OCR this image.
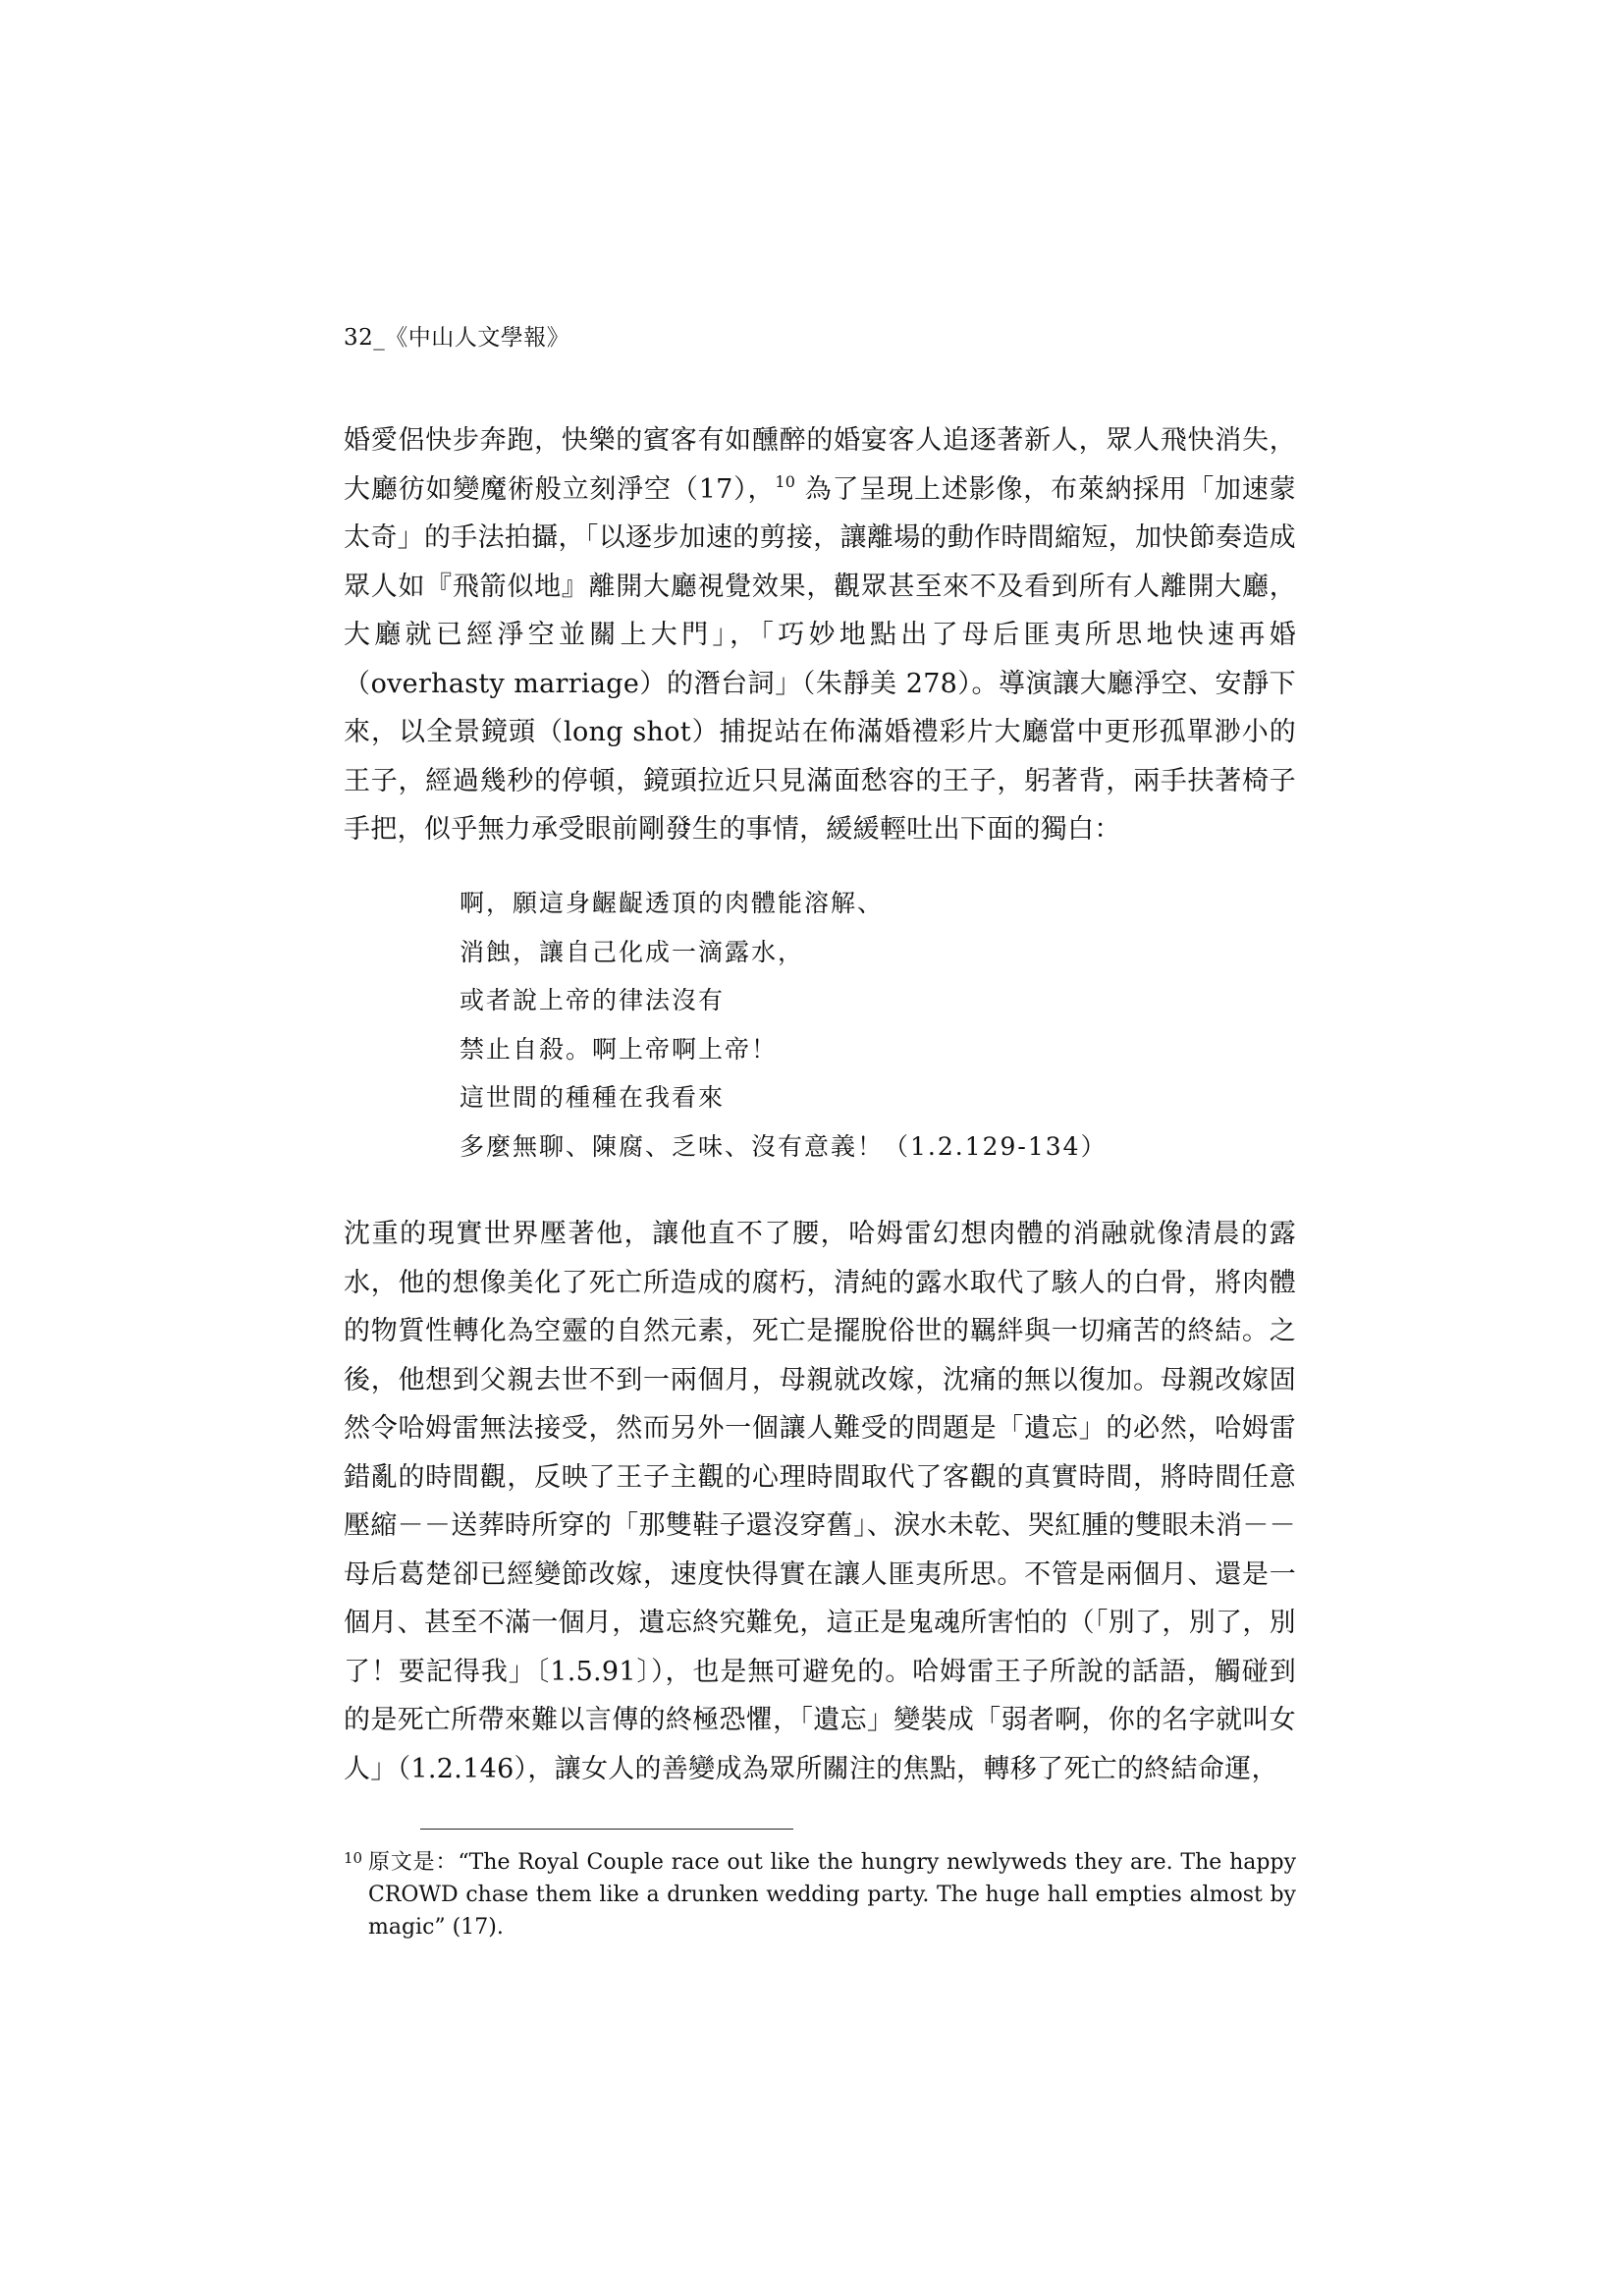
32_《中山人文學報》
婚愛侶快步奔跑，快樂的賓客有如醺醉的婚宴客人追逐著新人，眾人飛快消失，大廳彷如變魔術般立刻淨空（17），$^{10}$ 為了呈現上述影像，布萊納採用「加速蒙太奇」的手法拍攝，「以逐步加速的剪接，讓離場的動作時間縮短，加快節奏造成眾人如『飛箭似地』離開大廳視覺效果，觀眾甚至來不及看到所有人離開大廳，大廳就已經淨空並關上大門」，「巧妙地點出了母后匪夷所思地快速再婚（overhasty marriage）的潛台詞」（朱靜美 278）。導演讓大廳淨空、安靜下來，以全景鏡頭（long shot）捕捉站在佈滿婚禮彩片大廳當中更形孤單渺小的王子，經過幾秒的停頓，鏡頭拉近只見滿面愁容的王子，躬著背，兩手扶著椅子手把，似乎無力承受眼前剛發生的事情，緩緩輕吐出下面的獨白：
啊，願這身齷齪透頂的肉體能溶解、
消蝕，讓自己化成一滴露水，
或者說上帝的律法沒有
禁止自殺。啊上帝啊上帝！
這世間的種種在我看來
多麼無聊、陳腐、乏味、沒有意義！（1.2.129-134）
沈重的現實世界壓著他，讓他直不了腰，哈姆雷幻想肉體的消融就像清晨的露水，他的想像美化了死亡所造成的腐朽，清純的露水取代了駭人的白骨，將肉體的物質性轉化為空靈的自然元素，死亡是擺脫俗世的羈絆與一切痛苦的終結。之後，他想到父親去世不到一兩個月，母親就改嫁，沈痛的無以復加。母親改嫁固然令哈姆雷無法接受，然而另外一個讓人難受的問題是「遺忘」的必然，哈姆雷錯亂的時間觀，反映了王子主觀的心理時間取代了客觀的真實時間，將時間任意壓縮－－送葬時所穿的「那雙鞋子還沒穿舊」、淚水未乾、哭紅腫的雙眼未消－－母后葛楚卻已經變節改嫁，速度快得實在讓人匪夷所思。不管是兩個月、還是一個月、甚至不滿一個月，遺忘終究難免，這正是鬼魂所害怕的（「別了，別了，別了！要記得我」〔1.5.91〕），也是無可避免的。哈姆雷王子所說的話語，觸碰到的是死亡所帶來難以言傳的終極恐懼，「遺忘」變裝成「弱者啊，你的名字就叫女人」（1.2.146），讓女人的善變成為眾所關注的焦點，轉移了死亡的終結命運，
10 原文是：“The Royal Couple race out like the hungry newlyweds they are. The happy CROWD chase them like a drunken wedding party. The huge hall empties almost by magic” (17).
